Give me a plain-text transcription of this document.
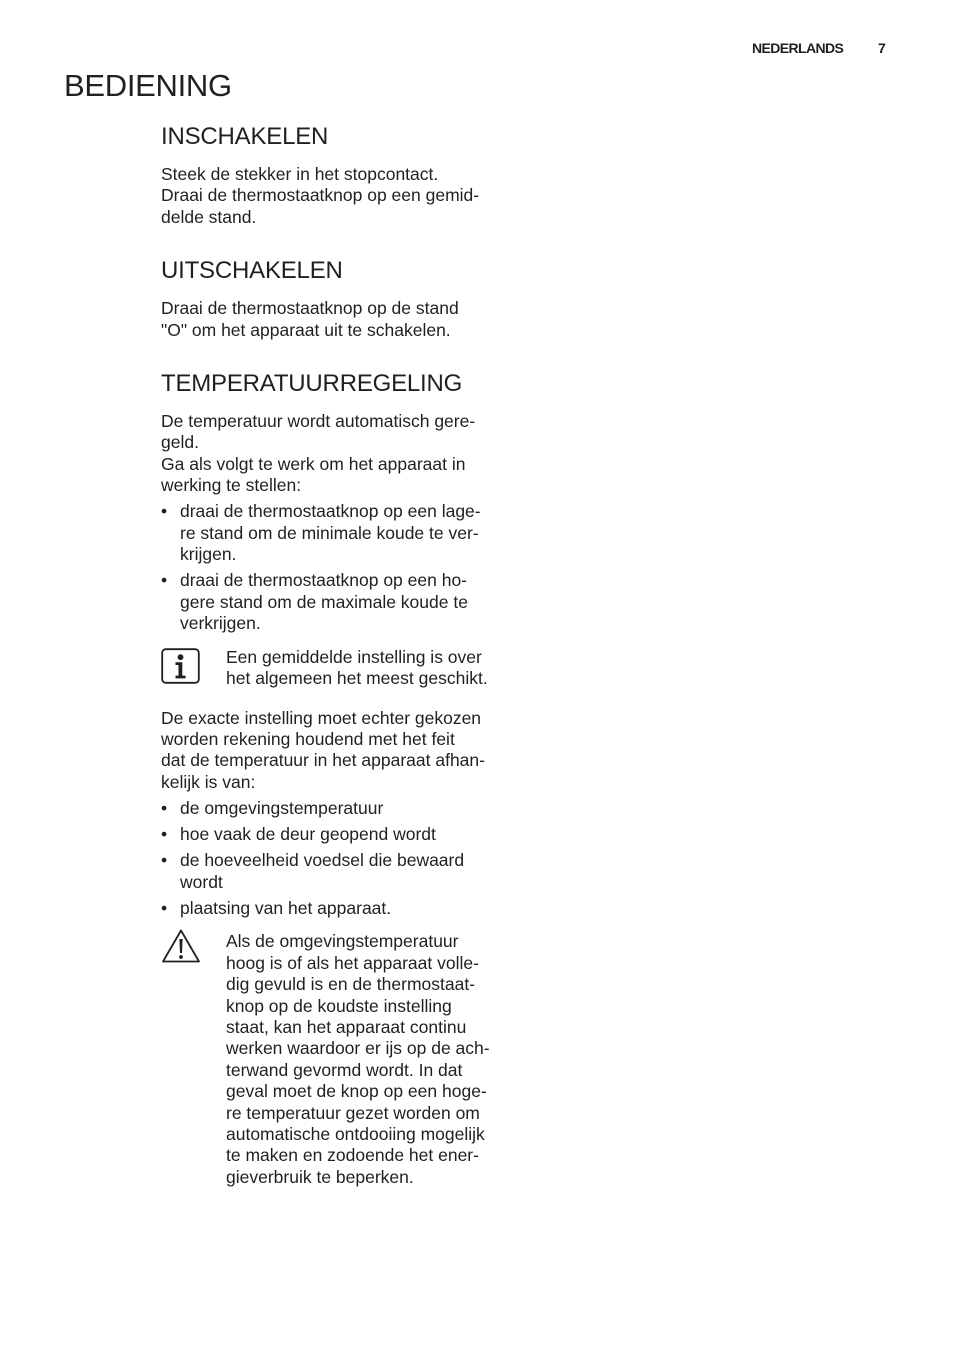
NEDERLANDS 7
BEDIENING
INSCHAKELEN

Steek de stekker in het stopcontact.
Draai de thermostaatknop op een gemid-
delde stand.

UITSCHAKELEN

Draai de thermostaatknop op de stand
"O" om het apparaat uit te schakelen.

TEMPERATUURREGELING

De temperatuur wordt automatisch gere-
geld.
Ga als volgt te werk om het apparaat in
werking te stellen:

• draai de thermostaatknop op een lage-
re stand om de minimale koude te ver-
krijgen.
• draai de thermostaatknop op een ho-
gere stand om de maximale koude te
verkrijgen.
Een gemiddelde instelling is over
het algemeen het meest geschikt.

De exacte instelling moet echter gekozen
worden rekening houdend met het feit
dat de temperatuur in het apparaat afhan-
kelijk is van:

• de omgevingstemperatuur
• hoe vaak de deur geopend wordt
• de hoeveelheid voedsel die bewaard
wordt
• plaatsing van het apparaat.
Als de omgevingstemperatuur
hoog is of als het apparaat volle-
dig gevuld is en de thermostaat-
knop op de koudste instelling
staat, kan het apparaat continu
werken waardoor er ijs op de ach-
terwand gevormd wordt. In dat
geval moet de knop op een hoge-
re temperatuur gezet worden om
automatische ontdooiing mogelijk
te maken en zodoende het ener-
gieverbruik te beperken.
